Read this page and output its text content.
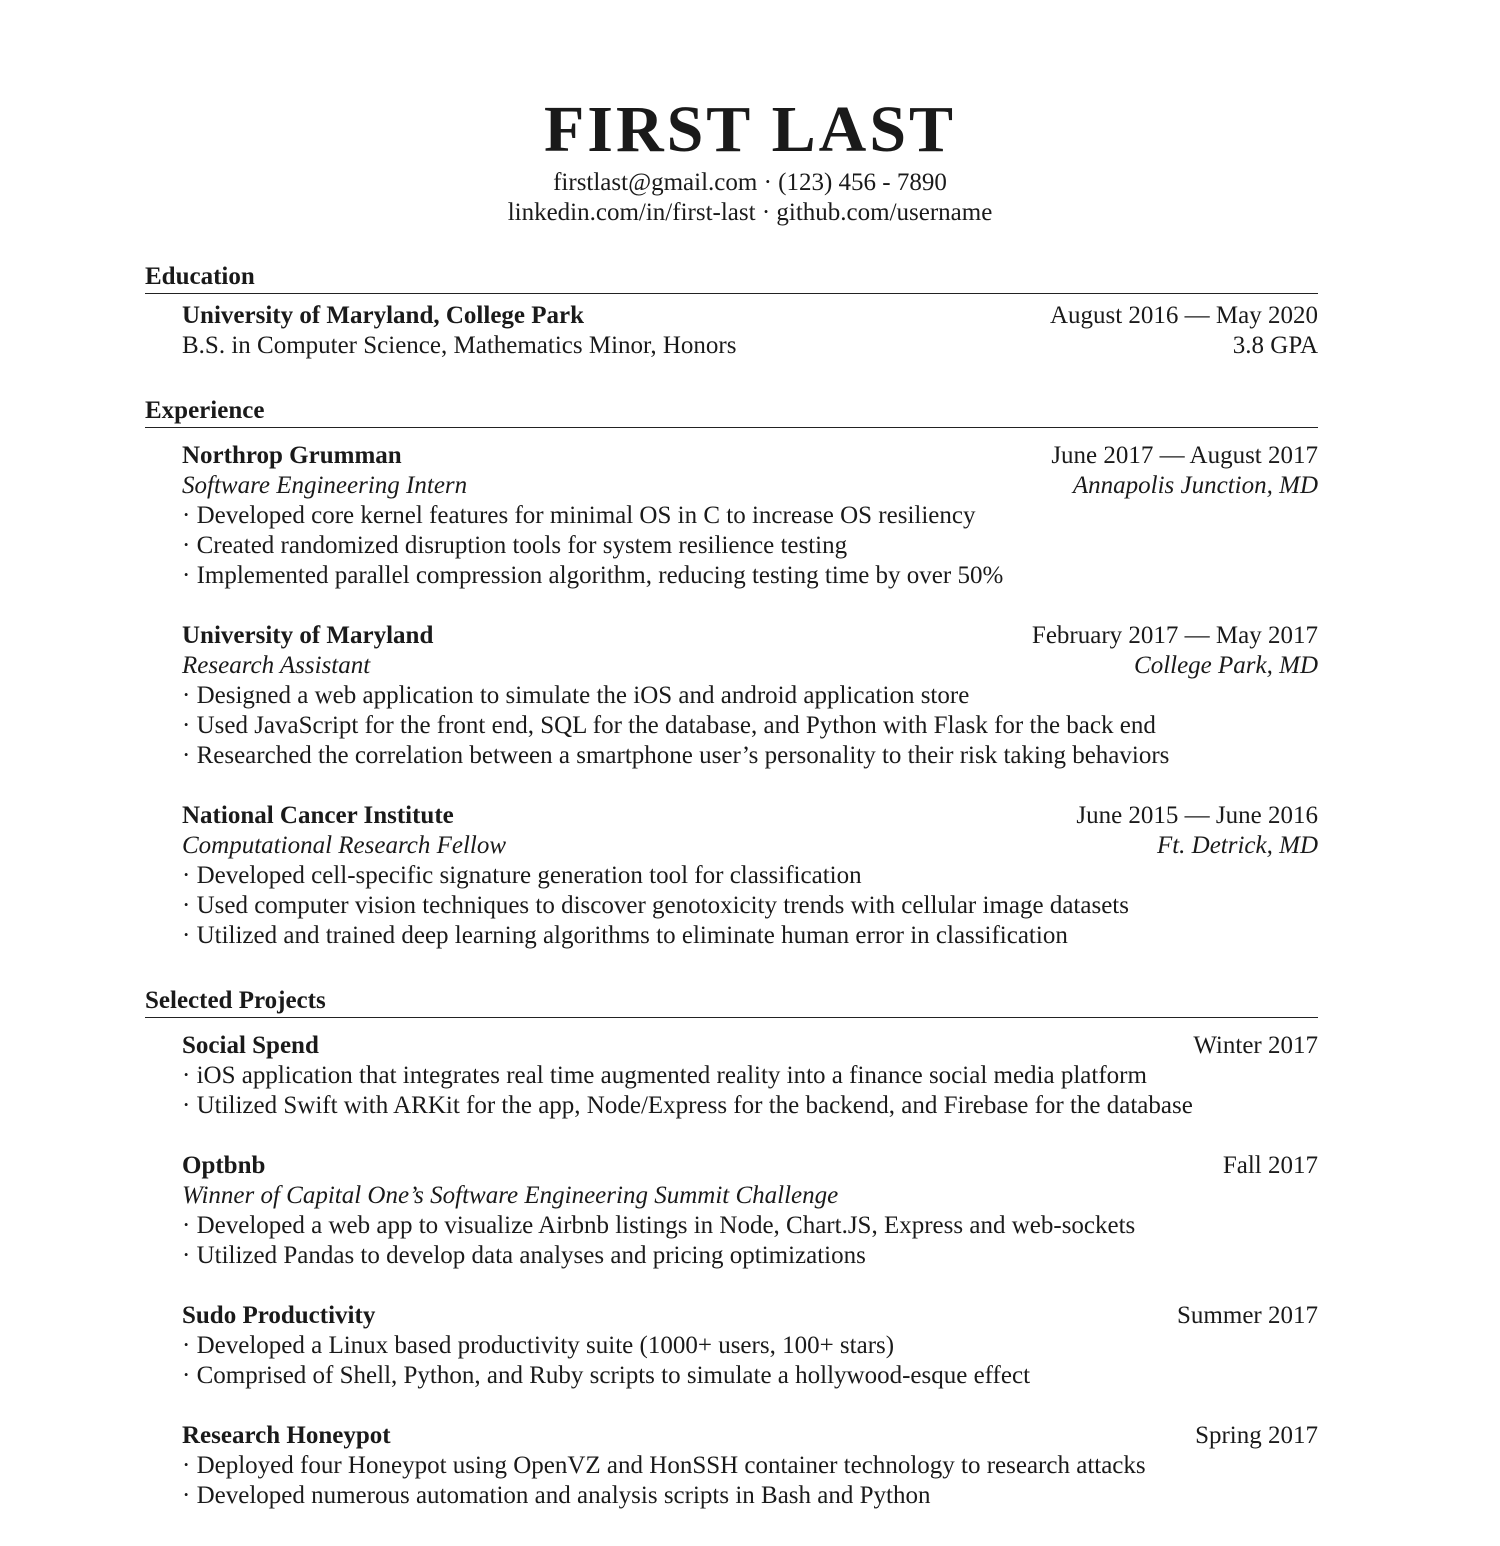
FIRST LAST
firstlast@gmail.com · (123) 456 - 7890
linkedin.com/in/first-last · github.com/username
Education
University of Maryland, College Park	August 2016 — May 2020
B.S. in Computer Science, Mathematics Minor, Honors	3.8 GPA
Experience
Northrop Grumman	June 2017 — August 2017
Software Engineering Intern	Annapolis Junction, MD
· Developed core kernel features for minimal OS in C to increase OS resiliency
· Created randomized disruption tools for system resilience testing
· Implemented parallel compression algorithm, reducing testing time by over 50%
University of Maryland	February 2017 — May 2017
Research Assistant	College Park, MD
· Designed a web application to simulate the iOS and android application store
· Used JavaScript for the front end, SQL for the database, and Python with Flask for the back end
· Researched the correlation between a smartphone user’s personality to their risk taking behaviors
National Cancer Institute	June 2015 — June 2016
Computational Research Fellow	Ft. Detrick, MD
· Developed cell-specific signature generation tool for classification
· Used computer vision techniques to discover genotoxicity trends with cellular image datasets
· Utilized and trained deep learning algorithms to eliminate human error in classification
Selected Projects
Social Spend	Winter 2017
· iOS application that integrates real time augmented reality into a finance social media platform
· Utilized Swift with ARKit for the app, Node/Express for the backend, and Firebase for the database
Optbnb	Fall 2017
Winner of Capital One’s Software Engineering Summit Challenge
· Developed a web app to visualize Airbnb listings in Node, Chart.JS, Express and web-sockets
· Utilized Pandas to develop data analyses and pricing optimizations
Sudo Productivity	Summer 2017
· Developed a Linux based productivity suite (1000+ users, 100+ stars)
· Comprised of Shell, Python, and Ruby scripts to simulate a hollywood-esque effect
Research Honeypot	Spring 2017
· Deployed four Honeypot using OpenVZ and HonSSH container technology to research attacks
· Developed numerous automation and analysis scripts in Bash and Python
